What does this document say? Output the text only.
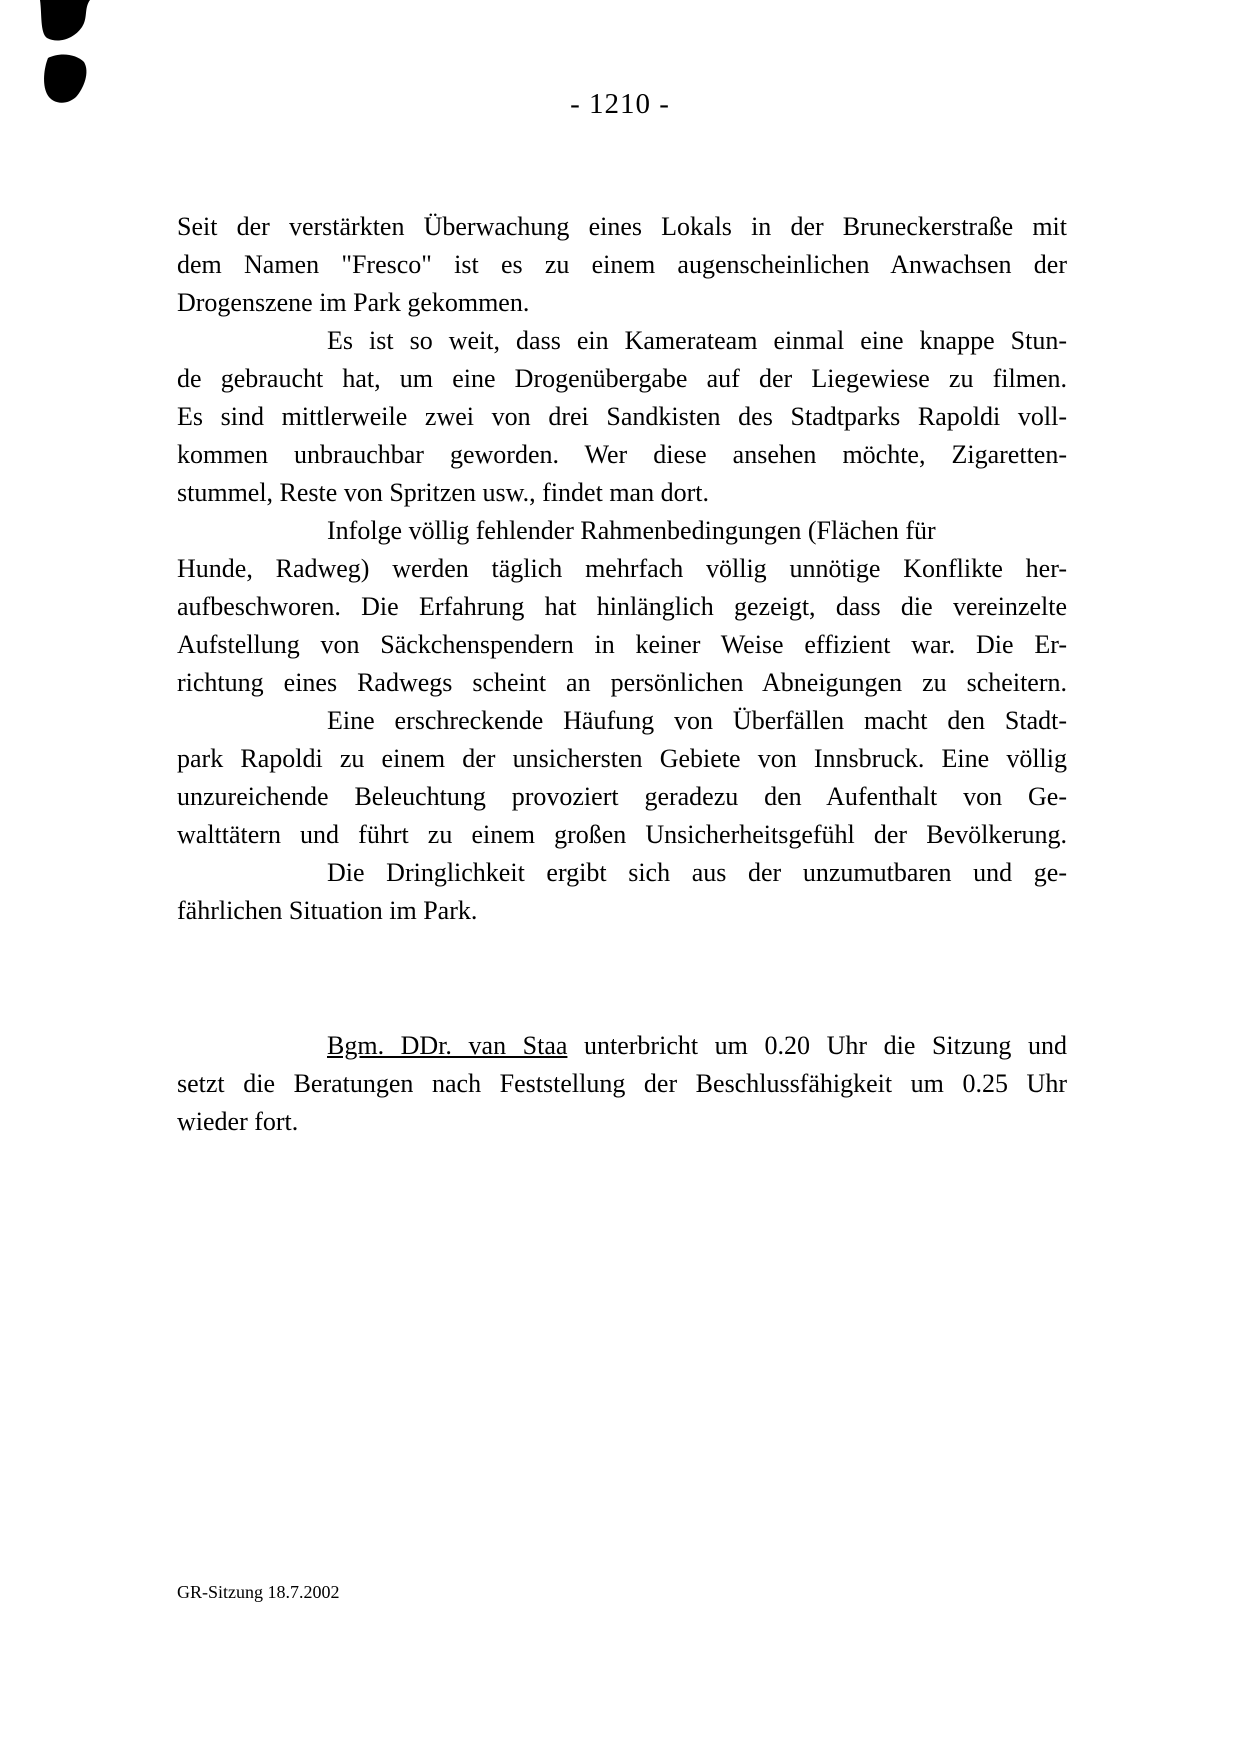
- 1210 -
Seit der verstärkten Überwachung eines Lokals in der Bruneckerstraße mit
dem Namen "Fresco" ist es zu einem augenscheinlichen Anwachsen der
Drogenszene im Park gekommen.
Es ist so weit, dass ein Kamerateam einmal eine knappe Stun-
de gebraucht hat, um eine Drogenübergabe auf der Liegewiese zu filmen.
Es sind mittlerweile zwei von drei Sandkisten des Stadtparks Rapoldi voll-
kommen unbrauchbar geworden. Wer diese ansehen möchte, Zigaretten-
stummel, Reste von Spritzen usw., findet man dort.
Infolge völlig fehlender Rahmenbedingungen (Flächen für
Hunde, Radweg) werden täglich mehrfach völlig unnötige Konflikte her-
aufbeschworen. Die Erfahrung hat hinlänglich gezeigt, dass die vereinzelte
Aufstellung von Säckchenspendern in keiner Weise effizient war. Die Er-
richtung eines Radwegs scheint an persönlichen Abneigungen zu scheitern.
Eine erschreckende Häufung von Überfällen macht den Stadt-
park Rapoldi zu einem der unsichersten Gebiete von Innsbruck. Eine völlig
unzureichende Beleuchtung provoziert geradezu den Aufenthalt von Ge-
walttätern und führt zu einem großen Unsicherheitsgefühl der Bevölkerung.
Die Dringlichkeit ergibt sich aus der unzumutbaren und ge-
fährlichen Situation im Park.
Bgm. DDr. van Staa unterbricht um 0.20 Uhr die Sitzung und
setzt die Beratungen nach Feststellung der Beschlussfähigkeit um 0.25 Uhr
wieder fort.
GR-Sitzung 18.7.2002
